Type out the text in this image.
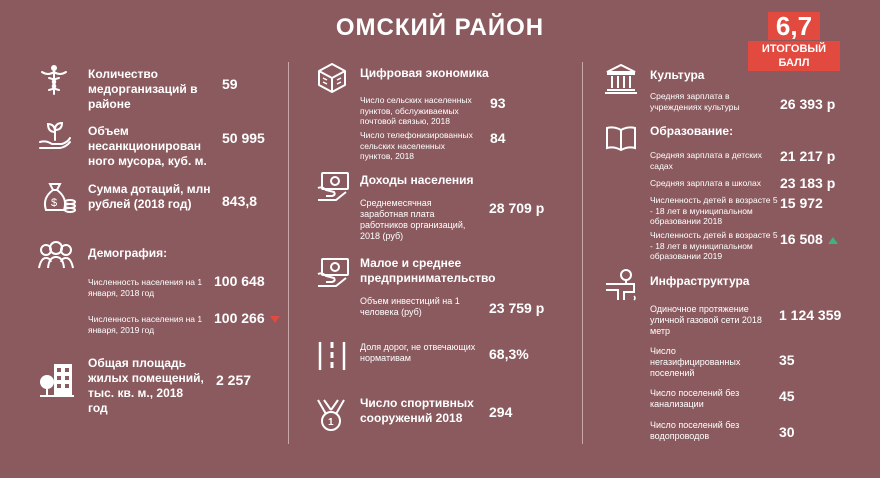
ОМСКИЙ РАЙОН	6,7
ИТОГОВЫЙ БАЛЛ
Количество медорганизаций в районе
59
Объем несанкционирован ного мусора, куб. м.
50 995
$
Сумма дотаций, млн рублей (2018 год)	843,8
Демография:
Численность населения на 1 января, 2018 год
100 648
Численность населения на 1 января, 2019 год
100 266
Общая площадь жилых помещений, тыс. кв. м., 2018 год
2 257
Цифровая экономика
Число сельских населенных пунктов, обслуживаемых почтовой связью, 2018
93
Число телефонизированных сельских населенных пунктов, 2018
84
Доходы населения
Среднемесячная заработная плата работников организаций, 2018 (руб)
28 709 р
Малое и среднее предпринимательство
Объем инвестиций на 1 человека (руб)	23 759 р
Доля дорог, не отвечающих нормативам	68,3%
1
Число спортивных сооружений 2018	294
Культура
Средняя зарплата в учреждениях культуры	26 393 р
Образование:
Средняя зарплата в детских садах
21 217 р
Средняя зарплата в школах	23 183 р
Численность детей в возрасте 5 - 18 лет в муниципальном образовании 2018
15 972
Численность детей в возрасте 5 - 18 лет в муниципальном образовании 2019
16 508
Инфраструктура
Одиночное протяжение уличной газовой сети 2018 метр
1 124 359
Число негазифицированных поселений
35
Число поселений без канализации	45
Число поселений без водопроводов	30
